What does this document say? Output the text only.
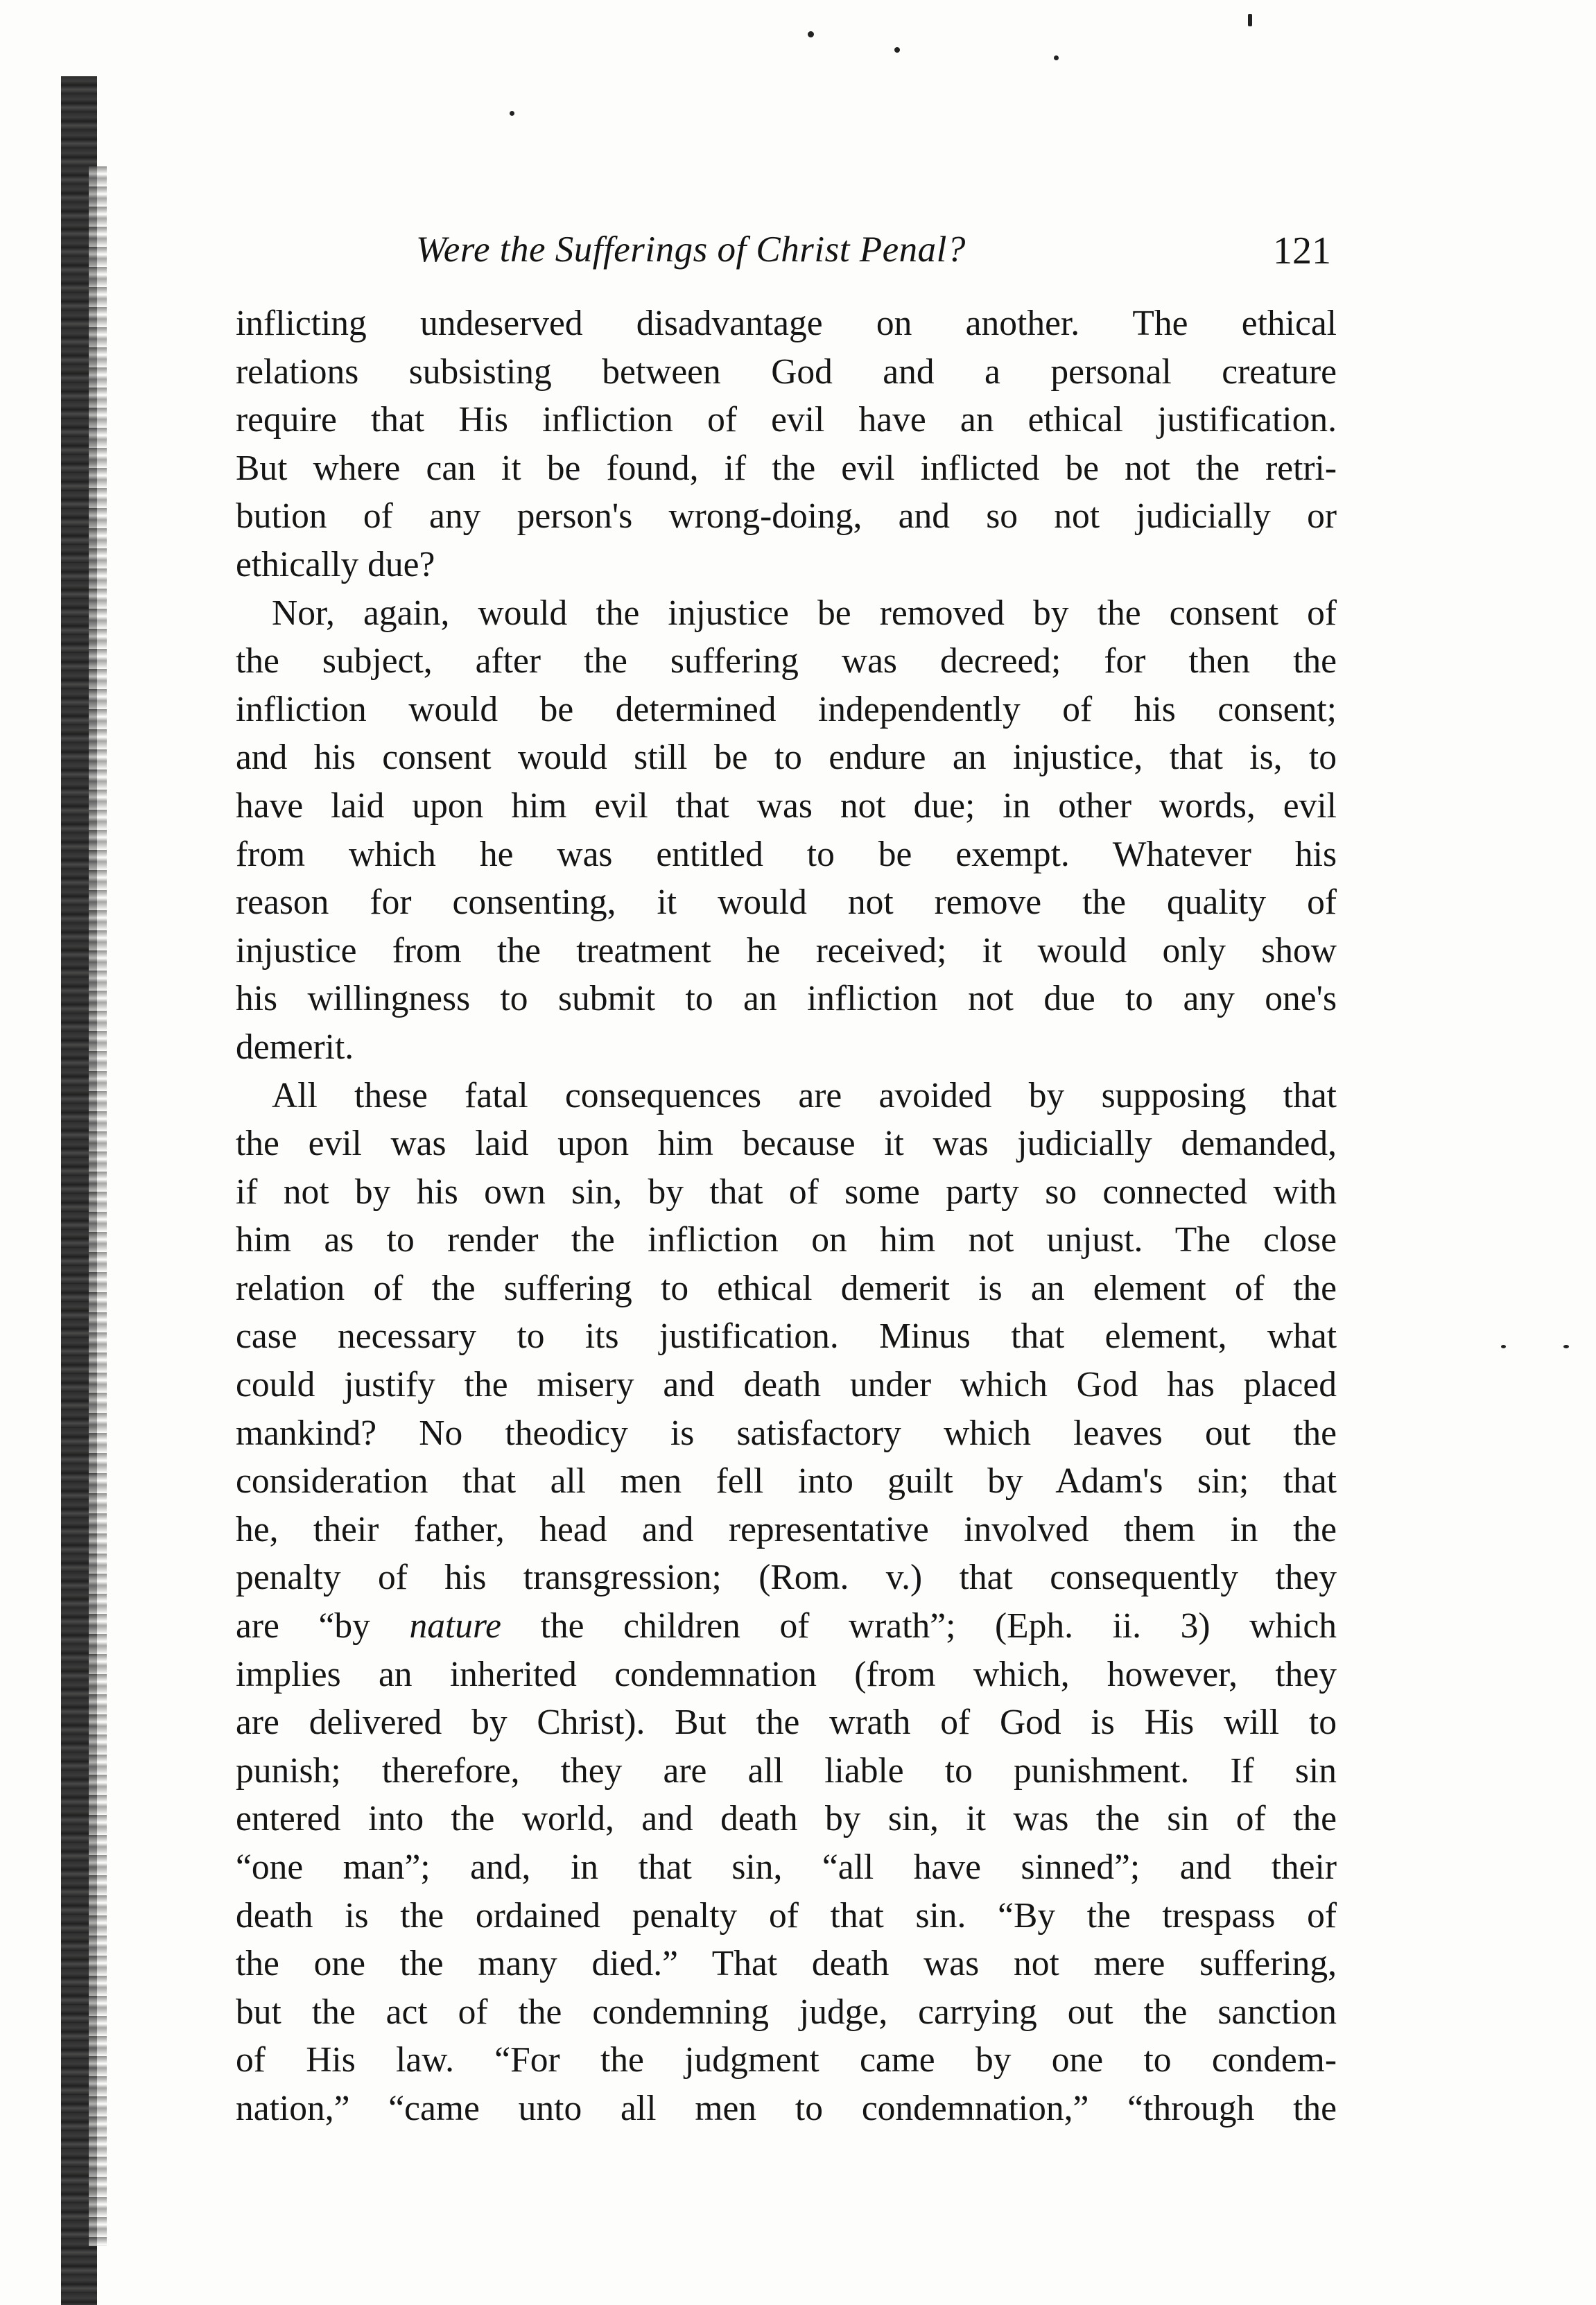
Were the Sufferings of Christ Penal?	121
inflicting undeserved disadvantage on another. The ethical
relations subsisting between God and a personal creature
require that His infliction of evil have an ethical justification.
But where can it be found, if the evil inflicted be not the retri-
bution of any person's wrong-doing, and so not judicially or
ethically due?
Nor, again, would the injustice be removed by the consent of
the subject, after the suffering was decreed; for then the
infliction would be determined independently of his consent;
and his consent would still be to endure an injustice, that is, to
have laid upon him evil that was not due; in other words, evil
from which he was entitled to be exempt. Whatever his
reason for consenting, it would not remove the quality of
injustice from the treatment he received; it would only show
his willingness to submit to an infliction not due to any one's
demerit.
All these fatal consequences are avoided by supposing that
the evil was laid upon him because it was judicially demanded,
if not by his own sin, by that of some party so connected with
him as to render the infliction on him not unjust. The close
relation of the suffering to ethical demerit is an element of the
case necessary to its justification. Minus that element, what
could justify the misery and death under which God has placed
mankind? No theodicy is satisfactory which leaves out the
consideration that all men fell into guilt by Adam's sin; that
he, their father, head and representative involved them in the
penalty of his transgression; (Rom. v.) that consequently they
are “by nature the children of wrath”; (Eph. ii. 3) which
implies an inherited condemnation (from which, however, they
are delivered by Christ). But the wrath of God is His will to
punish; therefore, they are all liable to punishment. If sin
entered into the world, and death by sin, it was the sin of the
“one man”; and, in that sin, “all have sinned”; and their
death is the ordained penalty of that sin. “By the trespass of
the one the many died.” That death was not mere suffering,
but the act of the condemning judge, carrying out the sanction
of His law. “For the judgment came by one to condem-
nation,” “came unto all men to condemnation,” “through the
